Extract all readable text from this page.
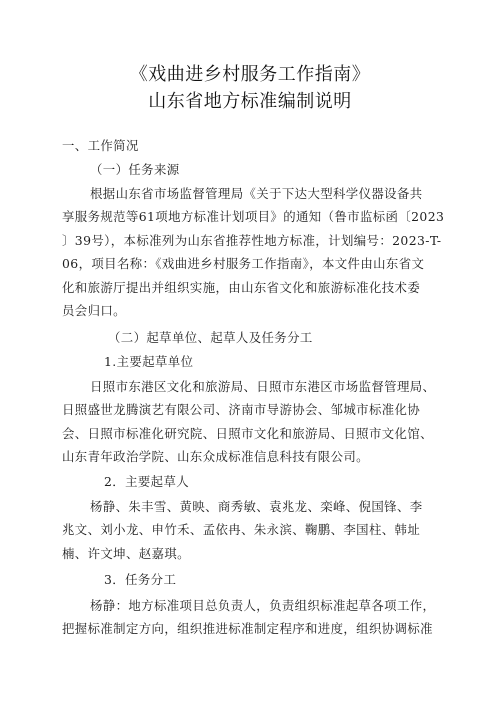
《戏曲进乡村服务工作指南》
山东省地方标准编制说明
一、工作简况
（一）任务来源
根据山东省市场监督管理局《关于下达大型科学仪器设备共
享服务规范等61项地方标准计划项目》的通知（鲁市监标函〔2023
〕39号），本标准列为山东省推荐性地方标准，计划编号：2023-T-
06，项目名称：《戏曲进乡村服务工作指南》，本文件由山东省文
化和旅游厅提出并组织实施，由山东省文化和旅游标准化技术委
员会归口。
（二）起草单位、起草人及任务分工
1.主要起草单位
日照市东港区文化和旅游局、日照市东港区市场监督管理局、
日照盛世龙腾演艺有限公司、济南市导游协会、邹城市标准化协
会、日照市标准化研究院、日照市文化和旅游局、日照市文化馆、
山东青年政治学院、山东众成标准信息科技有限公司。
2．主要起草人
杨静、朱丰雪、黄映、商秀敏、袁兆龙、栾峰、倪国锋、李
兆文、刘小龙、申竹禾、孟依冉、朱永滨、鞠鹏、李国柱、韩址
楠、许文坤、赵嘉琪。
3．任务分工
杨静：地方标准项目总负责人，负责组织标准起草各项工作，
把握标准制定方向，组织推进标准制定程序和进度，组织协调标准
